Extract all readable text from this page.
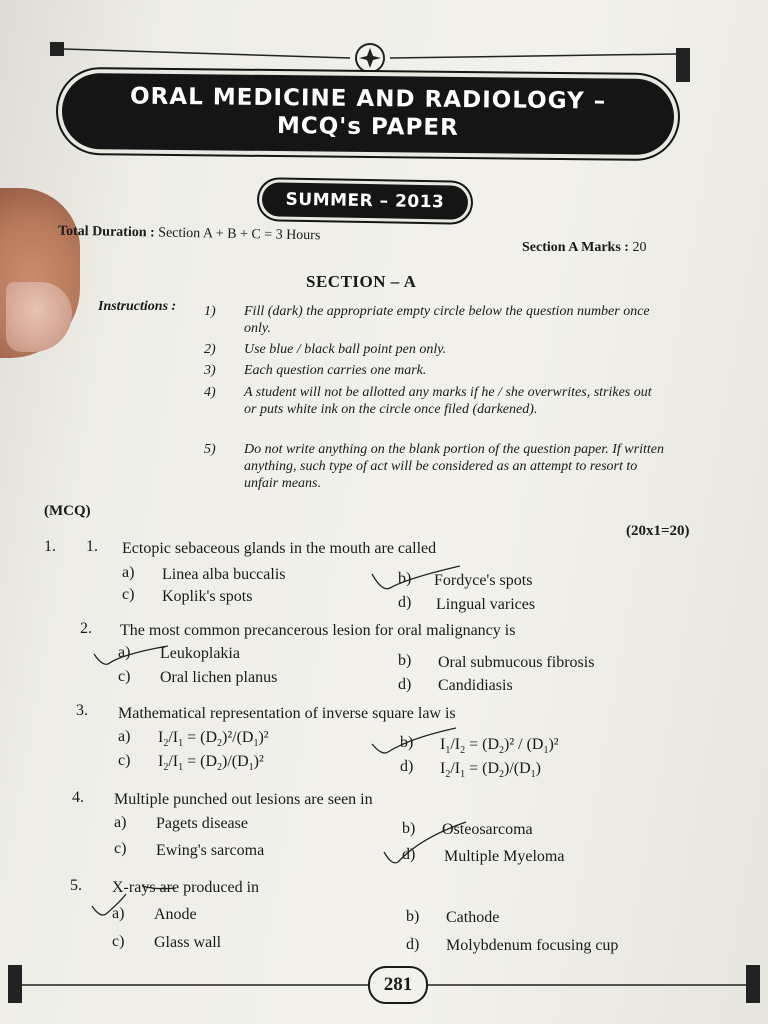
ORAL MEDICINE AND RADIOLOGY –
MCQ's PAPER
SUMMER – 2013
Total Duration : Section A + B + C = 3 Hours
Section A Marks : 20
SECTION – A
Instructions : 1) Fill (dark) the appropriate empty circle below the question number once only.
2) Use blue / black ball point pen only.
3) Each question carries one mark.
4) A student will not be allotted any marks if he / she overwrites, strikes out or puts white ink on the circle once filed (darkened).
5) Do not write anything on the blank portion of the question paper. If written anything, such type of act will be considered as an attempt to resort to unfair means.
(MCQ)
(20x1=20)
1. 1. Ectopic sebaceous glands in the mouth are called
a) Linea alba buccalis	b) Fordyce's spots
c) Koplik's spots	d) Lingual varices
2. The most common precancerous lesion for oral malignancy is
a) Leukoplakia	b) Oral submucous fibrosis
c) Oral lichen planus	d) Candidiasis
3. Mathematical representation of inverse square law is
a) $I_2/I_1 = (D_2)^2/(D_1)^2$	b) $I_1/I_2 = (D_2)^2 / (D_1)^2$
c) $I_2/I_1 = (D_2)/(D_1)^2$	d) $I_2/I_1 = (D_2)/(D_1)$
4. Multiple punched out lesions are seen in
a) Pagets disease	b) Osteosarcoma
c) Ewing's sarcoma	d) Multiple Myeloma
5. X-rays are produced in
a) Anode	b) Cathode
c) Glass wall	d) Molybdenum focusing cup
281
